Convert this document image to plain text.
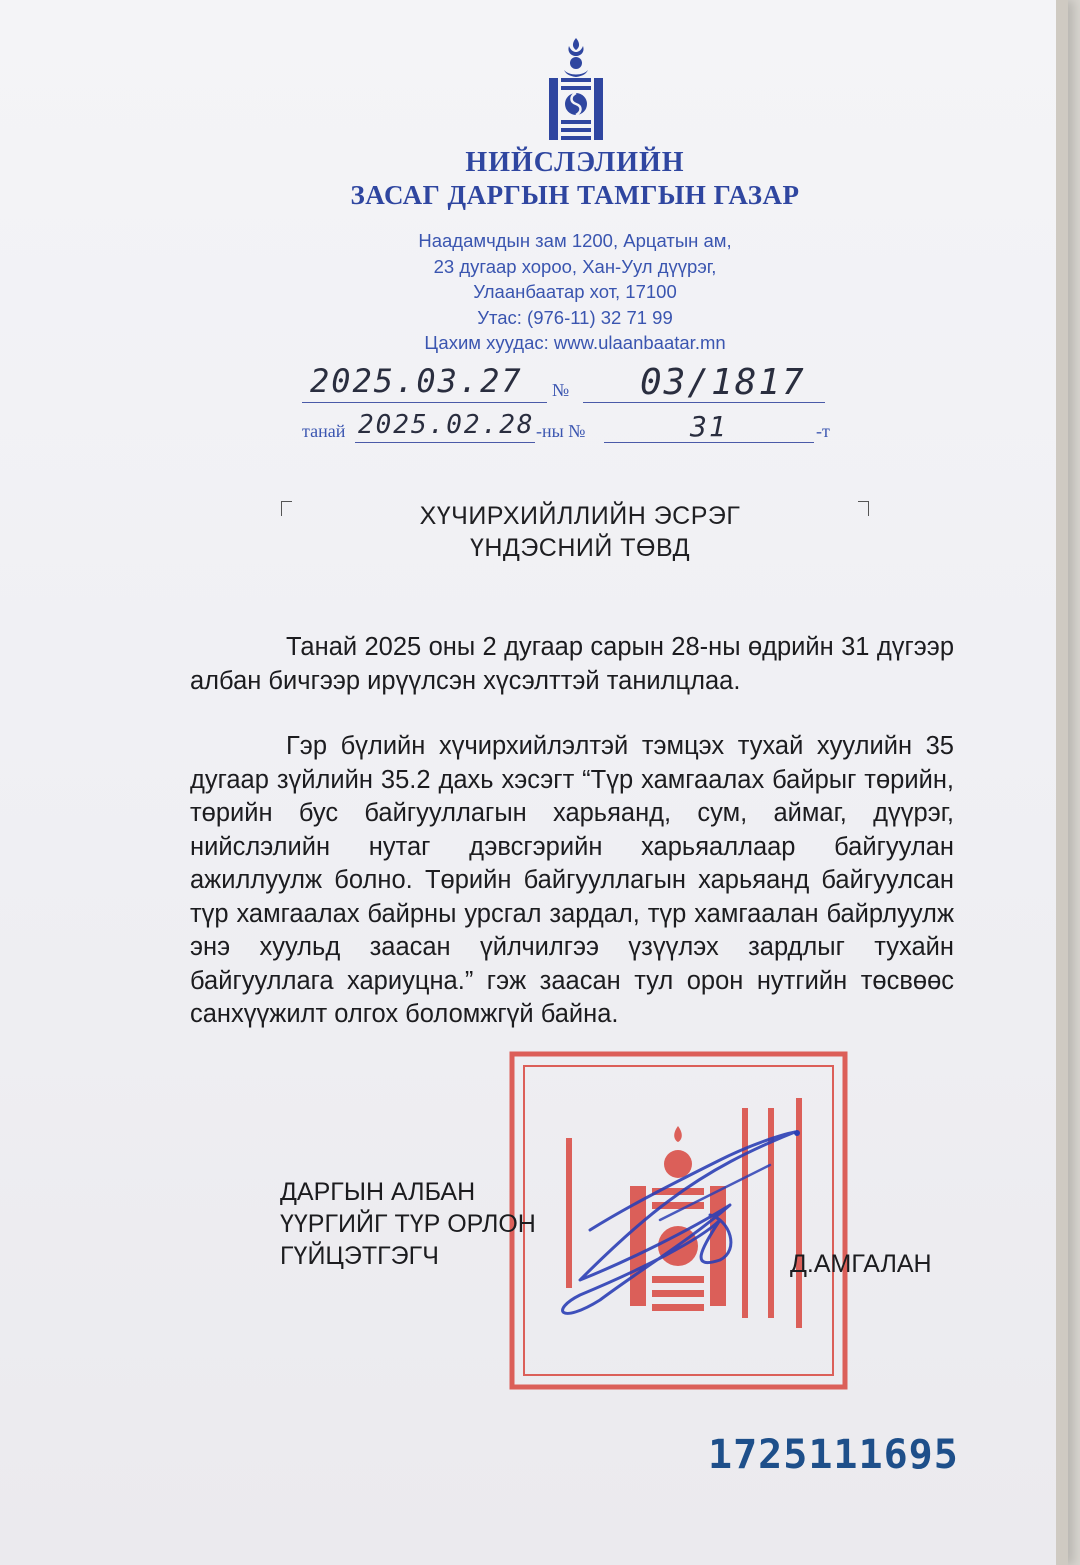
НИЙСЛЭЛИЙН
ЗАСАГ ДАРГЫН ТАМГЫН ГАЗАР
Наадамчдын зам 1200, Арцатын ам,
23 дугаар хороо, Хан-Уул дүүрэг,
Улаанбаатар хот, 17100
Утас: (976-11) 32 71 99
Цахим хуудас: www.ulaanbaatar.mn
2025.03.27 № 03/1817
танай 2025.02.28 -ны №	31	-т
ХҮЧИРХИЙЛЛИЙН ЭСРЭГ
ҮНДЭСНИЙ ТӨВД

Танай 2025 оны 2 дугаар сарын 28-ны өдрийн 31 дүгээр албан бичгээр ирүүлсэн хүсэлттэй танилцлаа.

Гэр бүлийн хүчирхийлэлтэй тэмцэх тухай хуулийн 35 дугаар зүйлийн 35.2 дахь хэсэгт “Түр хамгаалах байрыг төрийн, төрийн бус байгууллагын харьяанд, сум, аймаг, дүүрэг, нийслэлийн нутаг дэвсгэрийн харьяаллаар байгуулан ажиллуулж болно. Төрийн байгууллагын харьяанд байгуулсан түр хамгаалах байрны урсгал зардал, түр хамгаалан байрлуулж энэ хуульд заасан үйлчилгээ үзүүлэх зардлыг тухайн байгууллага хариуцна.” гэж заасан тул орон нутгийн төсвөөс санхүүжилт олгох боломжгүй байна.

ДАРГЫН АЛБАН
ҮҮРГИЙГ ТҮР ОРЛОН
ГҮЙЦЭТГЭГЧ	Д.АМГАЛАН
1725111695
